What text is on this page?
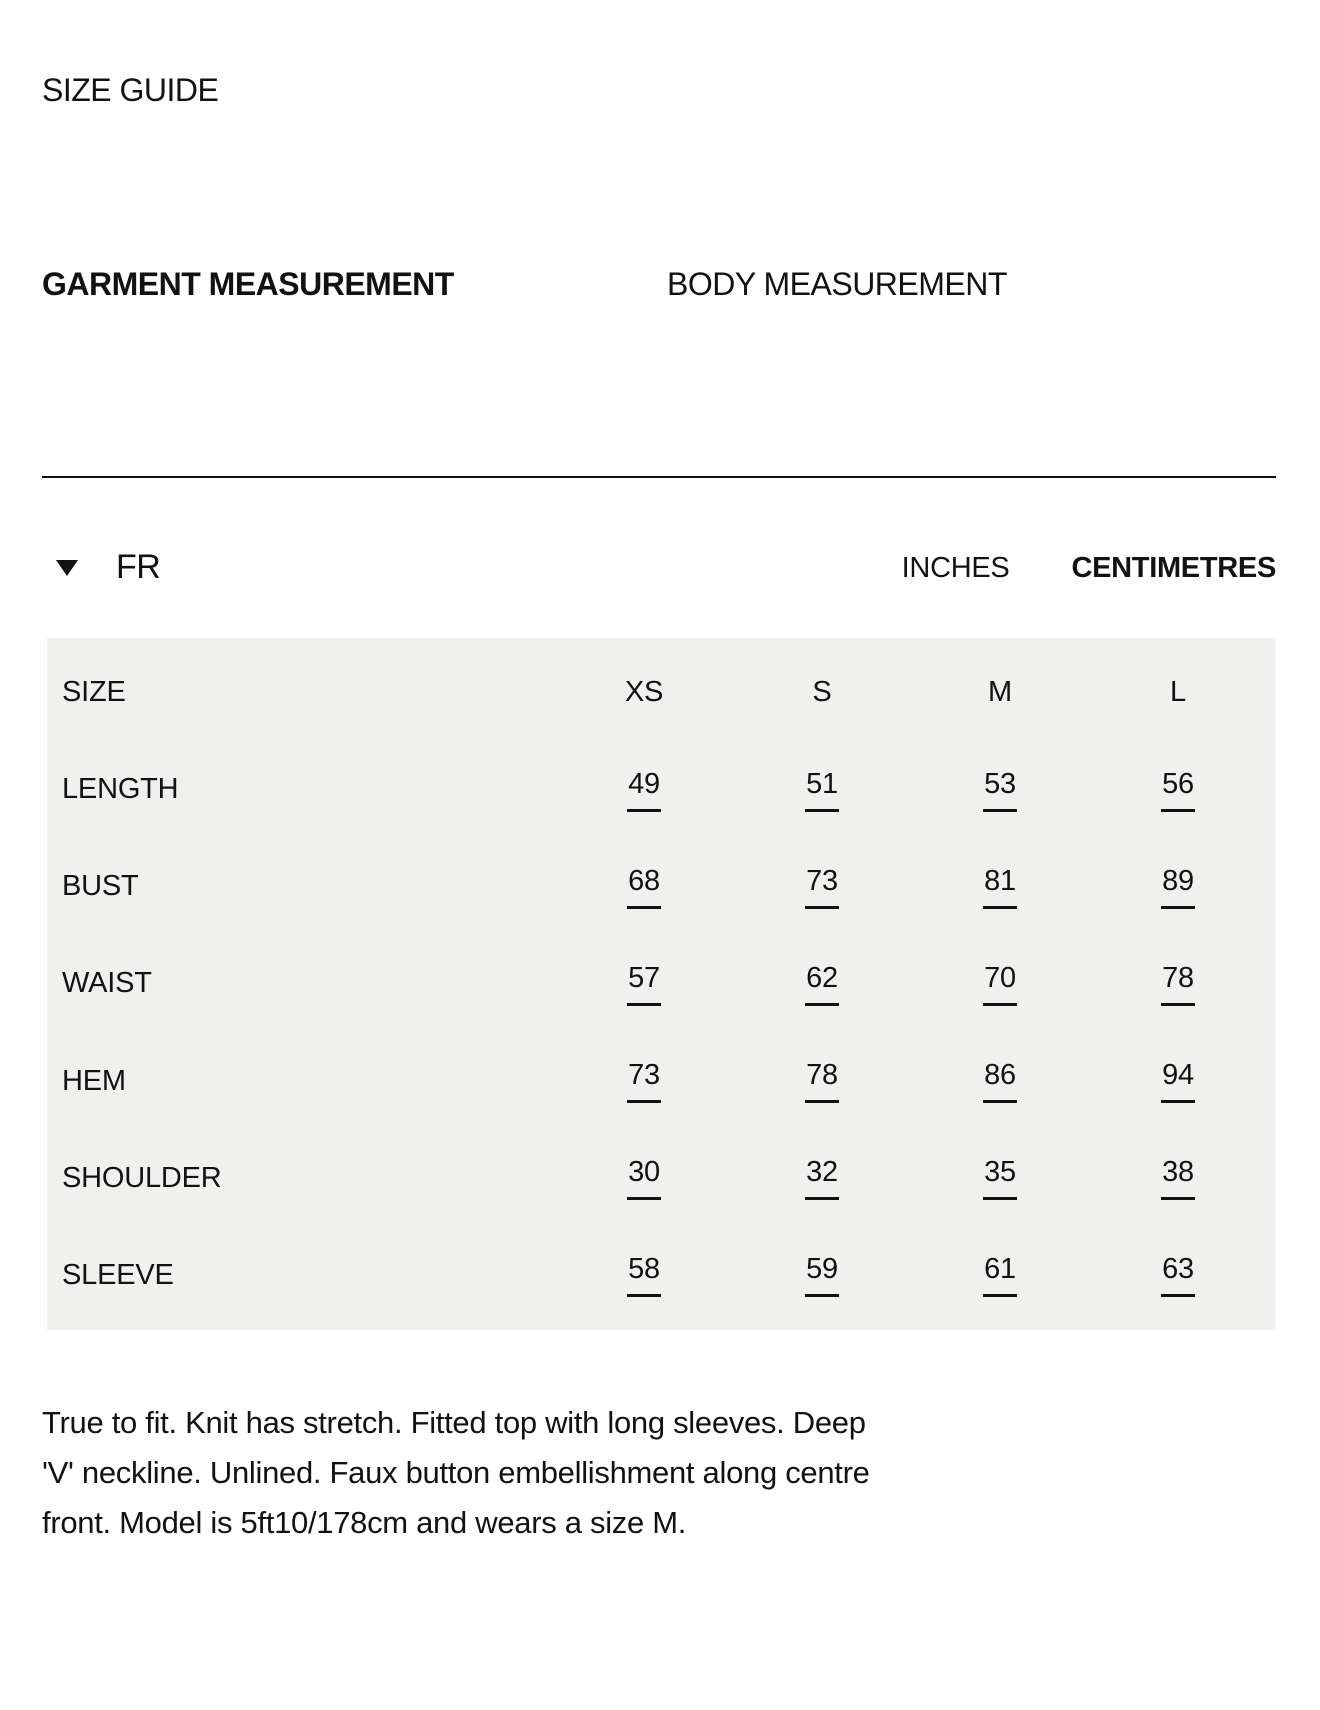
SIZE GUIDE
GARMENT MEASUREMENT	BODY MEASUREMENT
FR	INCHES CENTIMETRES
SIZE	XS	S	M	L
LENGTH	49	51	53	56
BUST	68	73	81	89
WAIST	57	62	70	78
HEM	73	78	86	94
SHOULDER	30	32	35	38
SLEEVE	58	59	61	63
True to fit. Knit has stretch. Fitted top with long sleeves. Deep
'V' neckline. Unlined. Faux button embellishment along centre
front. Model is 5ft10/178cm and wears a size M.
